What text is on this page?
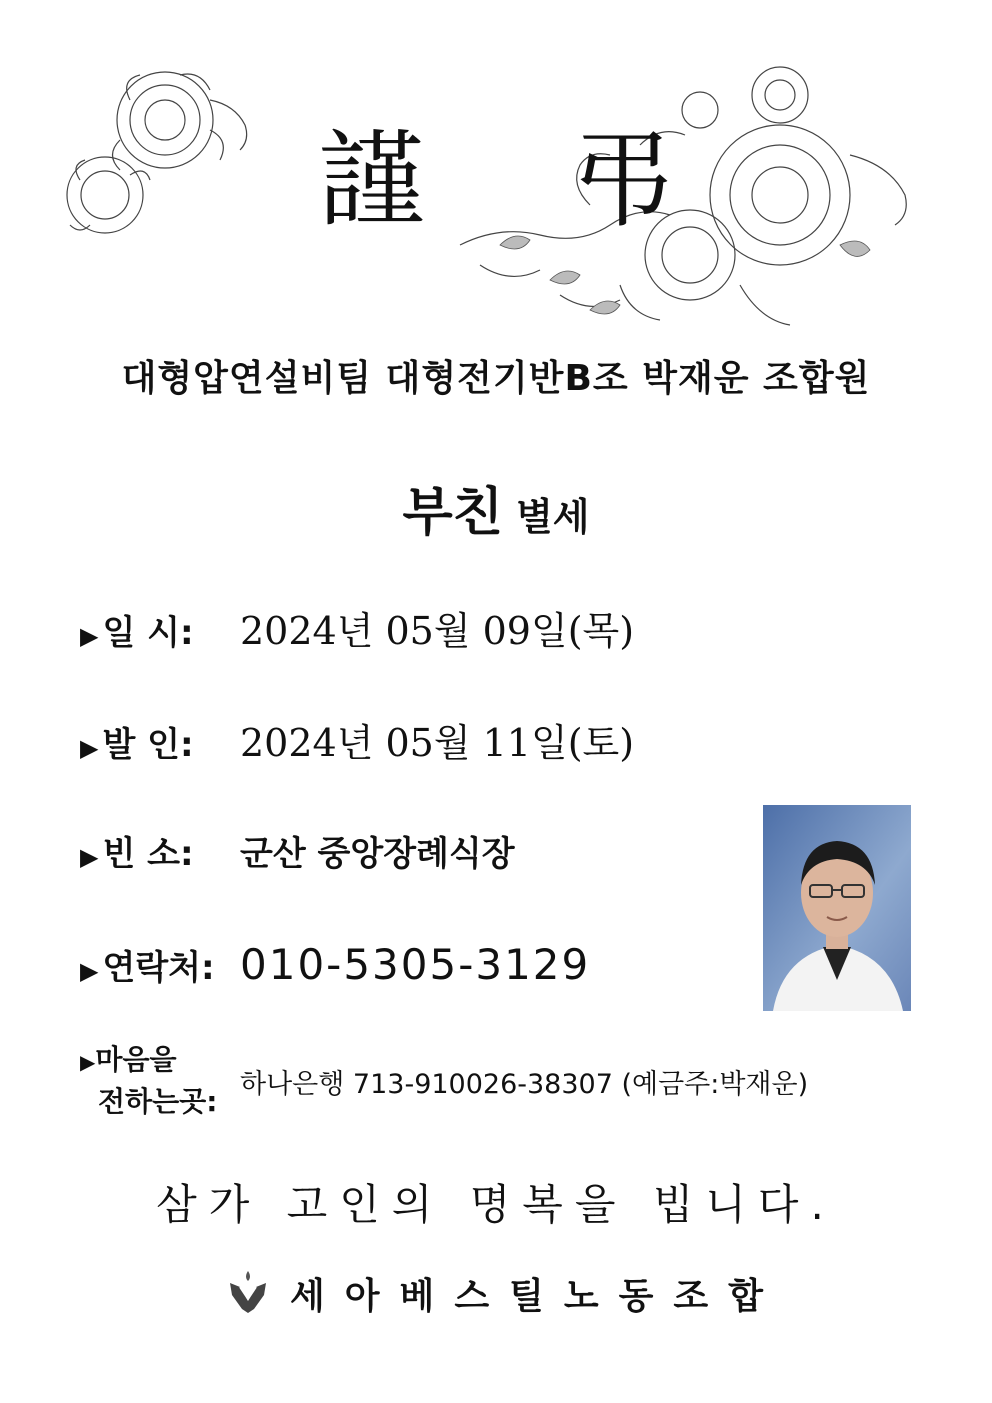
謹 弔
대형압연설비팀 대형전기반B조 박재운 조합원
부친 별세
▶ 일 시:	2024년 05월 09일(목)
▶ 발 인:	2024년 05월 11일(토)
▶ 빈 소:	군산 중앙장례식장
▶ 연락처: 010-5305-3129
▶마음을
전하는곳:
하나은행 713-910026-38307 (예금주:박재운)
삼가 고인의 명복을 빕니다.
세아베스틸노동조합
